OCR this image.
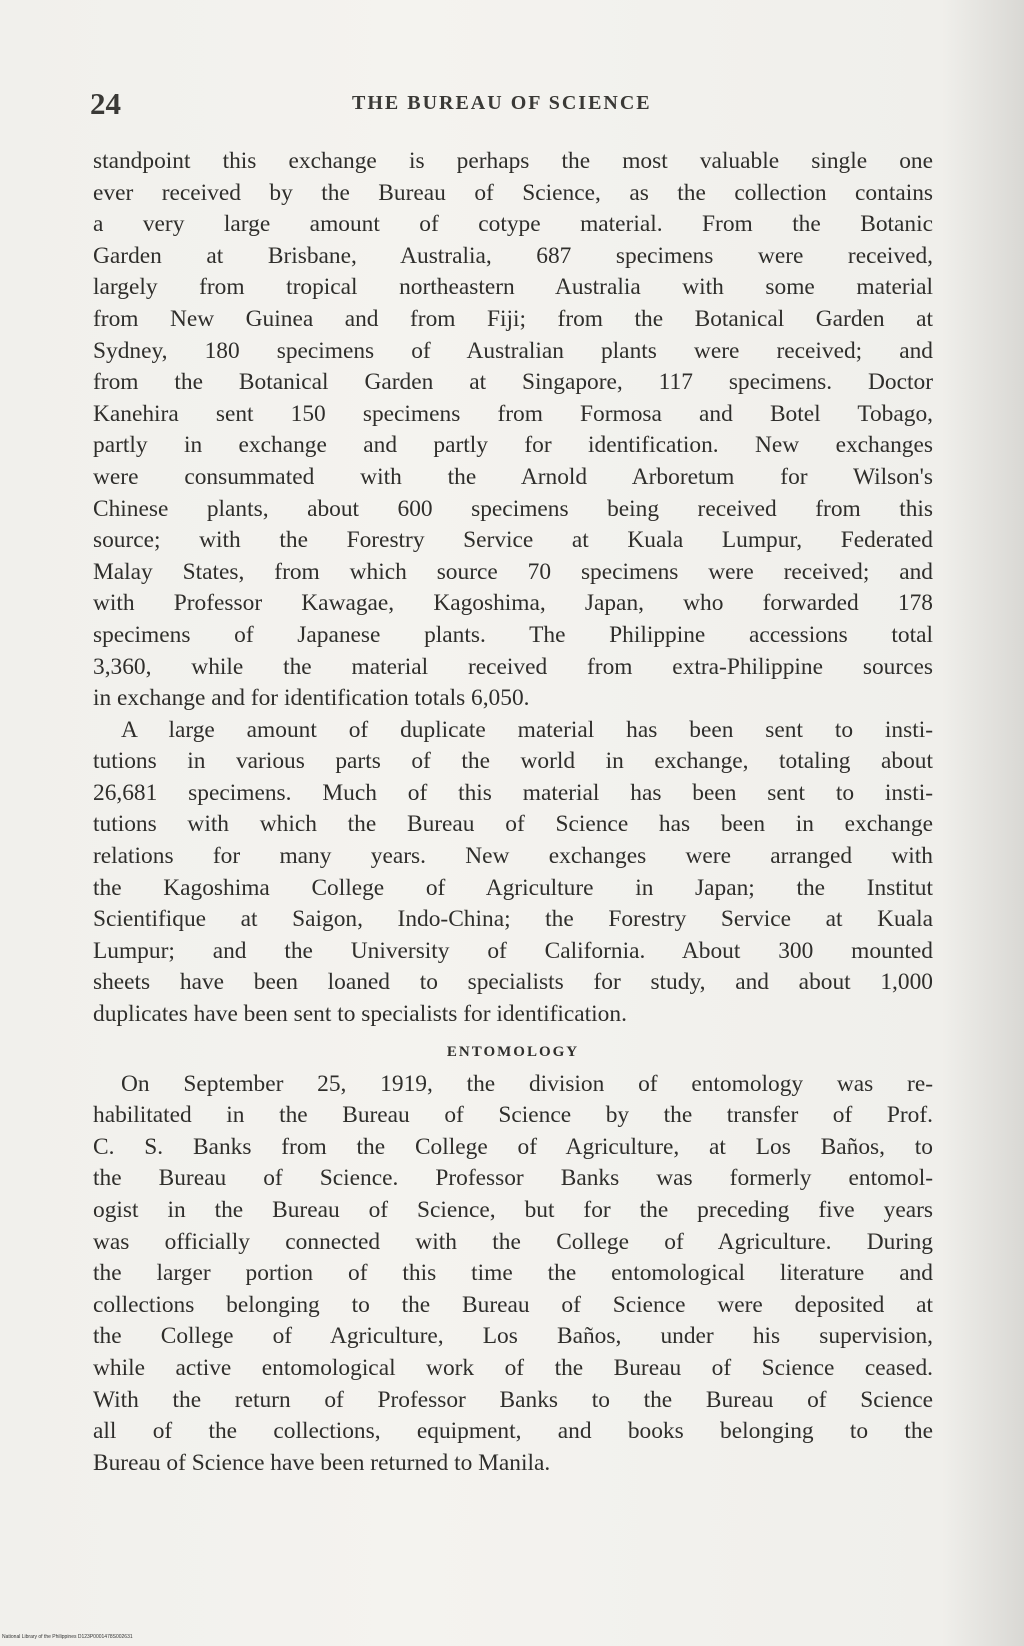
24	THE BUREAU OF SCIENCE
standpoint this exchange is perhaps the most valuable single one
ever received by the Bureau of Science, as the collection contains
a very large amount of cotype material. From the Botanic
Garden at Brisbane, Australia, 687 specimens were received,
largely from tropical northeastern Australia with some material
from New Guinea and from Fiji; from the Botanical Garden at
Sydney, 180 specimens of Australian plants were received; and
from the Botanical Garden at Singapore, 117 specimens. Doctor
Kanehira sent 150 specimens from Formosa and Botel Tobago,
partly in exchange and partly for identification. New exchanges
were consummated with the Arnold Arboretum for Wilson's
Chinese plants, about 600 specimens being received from this
source; with the Forestry Service at Kuala Lumpur, Federated
Malay States, from which source 70 specimens were received; and
with Professor Kawagae, Kagoshima, Japan, who forwarded 178
specimens of Japanese plants. The Philippine accessions total
3,360, while the material received from extra-Philippine sources
in exchange and for identification totals 6,050.
A large amount of duplicate material has been sent to insti-
tutions in various parts of the world in exchange, totaling about
26,681 specimens. Much of this material has been sent to insti-
tutions with which the Bureau of Science has been in exchange
relations for many years. New exchanges were arranged with
the Kagoshima College of Agriculture in Japan; the Institut
Scientifique at Saigon, Indo-China; the Forestry Service at Kuala
Lumpur; and the University of California. About 300 mounted
sheets have been loaned to specialists for study, and about 1,000
duplicates have been sent to specialists for identification.
ENTOMOLOGY
On September 25, 1919, the division of entomology was re-
habilitated in the Bureau of Science by the transfer of Prof.
C. S. Banks from the College of Agriculture, at Los Baños, to
the Bureau of Science. Professor Banks was formerly entomol-
ogist in the Bureau of Science, but for the preceding five years
was officially connected with the College of Agriculture. During
the larger portion of this time the entomological literature and
collections belonging to the Bureau of Science were deposited at
the College of Agriculture, Los Baños, under his supervision,
while active entomological work of the Bureau of Science ceased.
With the return of Professor Banks to the Bureau of Science
all of the collections, equipment, and books belonging to the
Bureau of Science have been returned to Manila.
National Library of the Philippines D123P0001478S002631
